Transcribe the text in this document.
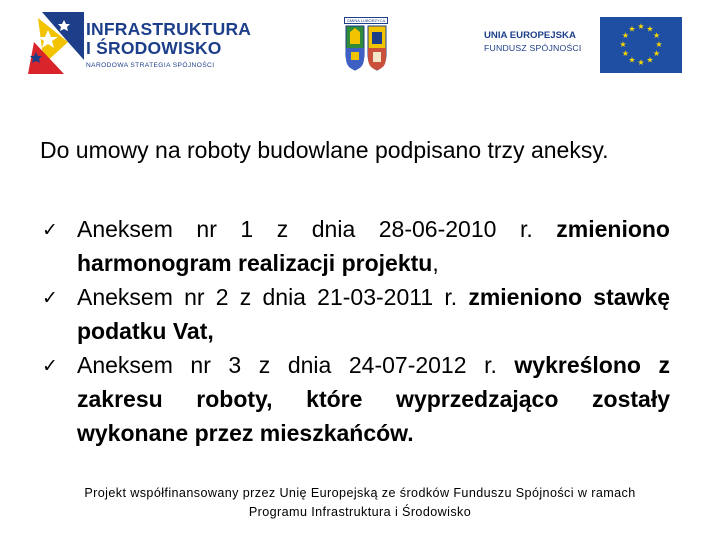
INFRASTRUKTURA
I ŚRODOWISKO
NARODOWA STRATEGIA SPÓJNOŚCI
GMINA LUBORZYCA
UNIA EUROPEJSKA
FUNDUSZ SPÓJNOŚCI
★ ★
★
★
★
★
★
★
★
★
★
★
Do umowy na roboty budowlane podpisano trzy aneksy.
✓ Aneksem nr 1 z dnia 28-06-2010 r. zmieniono harmonogram realizacji projektu,
✓ Aneksem nr 2 z dnia 21-03-2011 r. zmieniono stawkę podatku Vat,
✓ Aneksem nr 3 z dnia 24-07-2012 r. wykreślono z zakresu roboty, które wyprzedzająco zostały wykonane przez mieszkańców.
Projekt współfinansowany przez Unię Europejską ze środków Funduszu Spójności w ramach
Programu Infrastruktura i Środowisko
